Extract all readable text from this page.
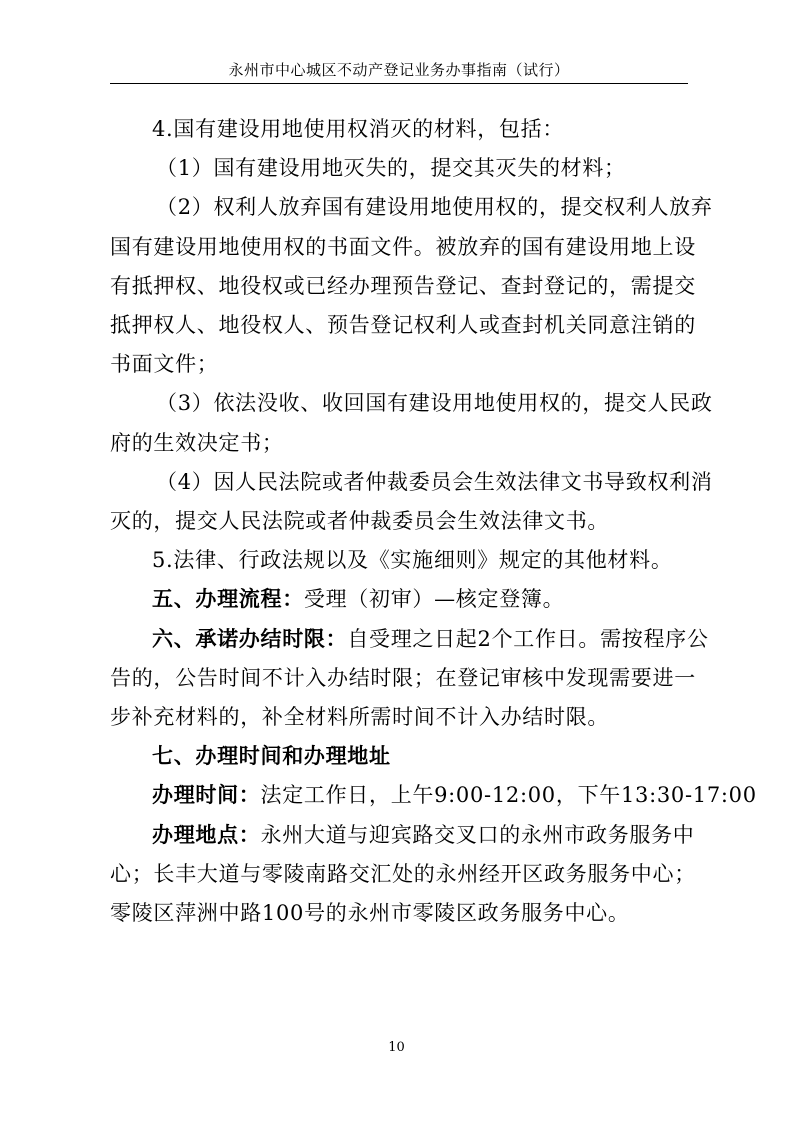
永州市中心城区不动产登记业务办事指南（试行）

4.国有建设用地使用权消灭的材料，包括：

（1）国有建设用地灭失的，提交其灭失的材料；

（2）权利人放弃国有建设用地使用权的，提交权利人放弃

国有建设用地使用权的书面文件。被放弃的国有建设用地上设

有抵押权、地役权或已经办理预告登记、查封登记的，需提交

抵押权人、地役权人、预告登记权利人或查封机关同意注销的

书面文件；

（3）依法没收、收回国有建设用地使用权的，提交人民政

府的生效决定书；

（4）因人民法院或者仲裁委员会生效法律文书导致权利消

灭的，提交人民法院或者仲裁委员会生效法律文书。

5.法律、行政法规以及《实施细则》规定的其他材料。

五、办理流程：受理（初审）—核定登簿。

六、承诺办结时限：自受理之日起2个工作日。需按程序公

告的，公告时间不计入办结时限；在登记审核中发现需要进一

步补充材料的，补全材料所需时间不计入办结时限。

七、办理时间和办理地址

办理时间：法定工作日，上午9:00-12:00，下午13:30-17:00

办理地点：永州大道与迎宾路交叉口的永州市政务服务中

心；长丰大道与零陵南路交汇处的永州经开区政务服务中心；

零陵区萍洲中路100号的永州市零陵区政务服务中心。

10
